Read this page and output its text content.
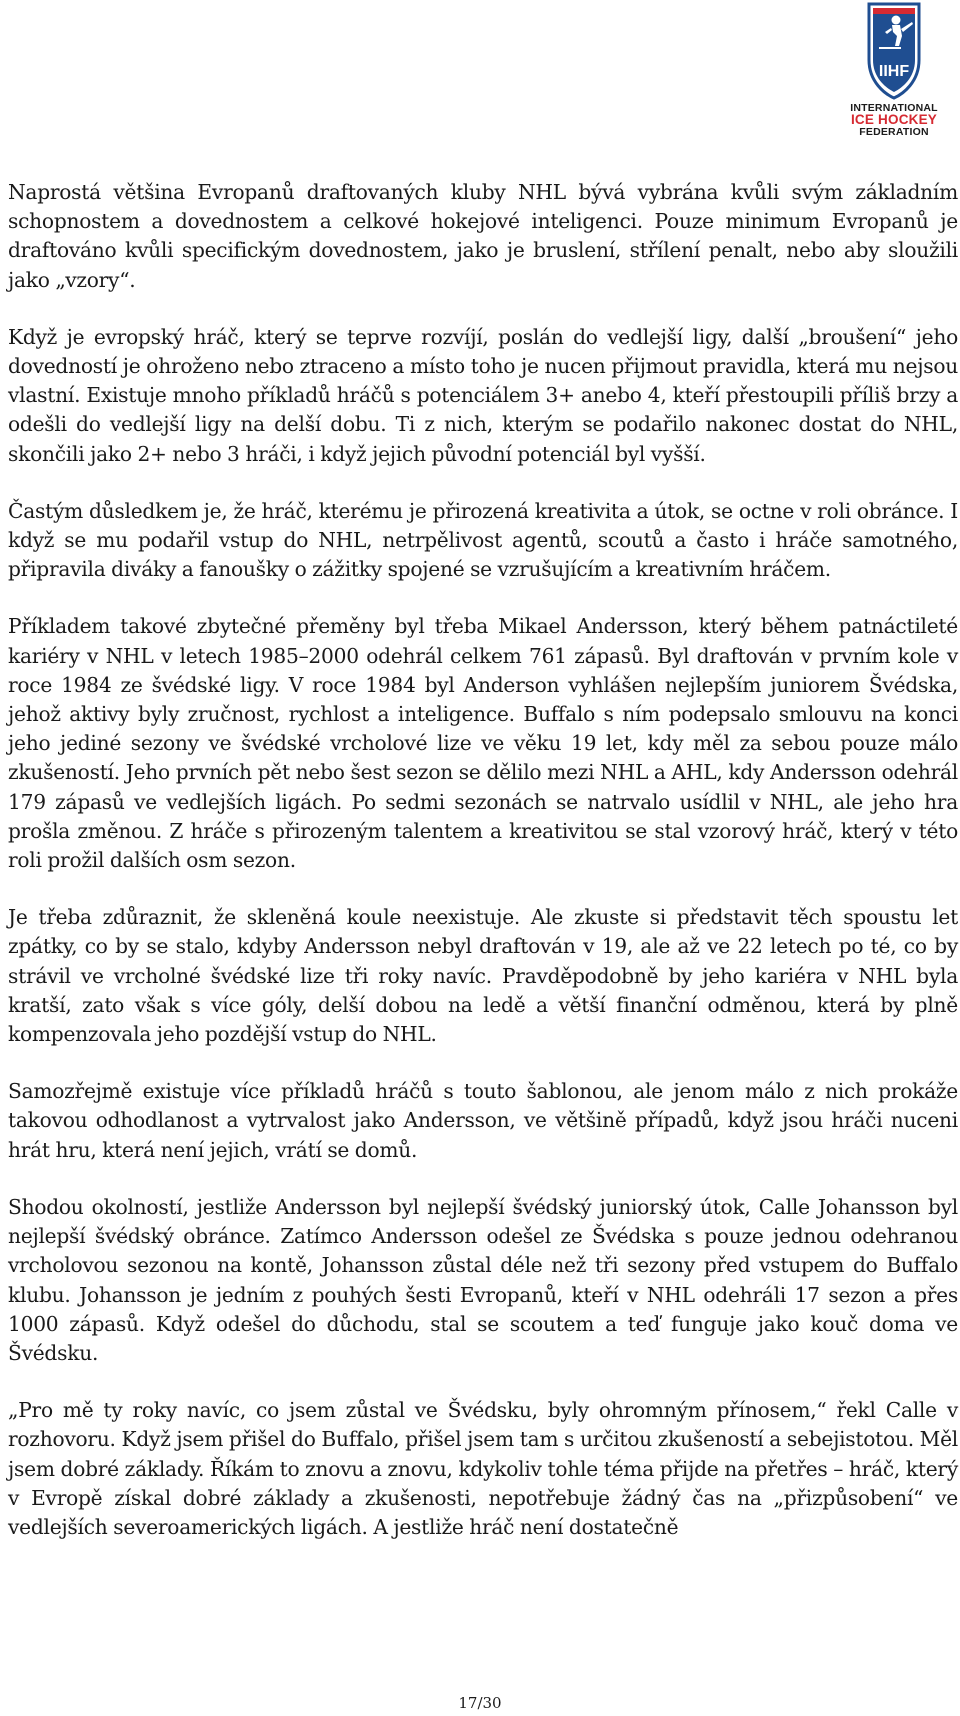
IIHF
INTERNATIONAL
ICE HOCKEY
FEDERATION

Naprostá většina Evropanů draftovaných kluby NHL bývá vybrána kvůli svým základním schopnostem a dovednostem a celkové hokejové inteligenci. Pouze minimum Evropanů je draftováno kvůli specifickým dovednostem, jako je bruslení, střílení penalt, nebo aby sloužili jako „vzory“.

Když je evropský hráč, který se teprve rozvíjí, poslán do vedlejší ligy, další „broušení“ jeho dovedností je ohroženo nebo ztraceno a místo toho je nucen přijmout pravidla, která mu nejsou vlastní. Existuje mnoho příkladů hráčů s potenciálem 3+ anebo 4, kteří přestoupili příliš brzy a odešli do vedlejší ligy na delší dobu. Ti z nich, kterým se podařilo nakonec dostat do NHL, skončili jako 2+ nebo 3 hráči, i když jejich původní potenciál byl vyšší.

Častým důsledkem je, že hráč, kterému je přirozená kreativita a útok, se octne v roli obránce. I když se mu podařil vstup do NHL, netrpělivost agentů, scoutů a často i hráče samotného, připravila diváky a fanoušky o zážitky spojené se vzrušujícím a kreativním hráčem.

Příkladem takové zbytečné přeměny byl třeba Mikael Andersson, který během patnáctileté kariéry v NHL v letech 1985–2000 odehrál celkem 761 zápasů. Byl draftován v prvním kole v roce 1984 ze švédské ligy. V roce 1984 byl Anderson vyhlášen nejlepším juniorem Švédska, jehož aktivy byly zručnost, rychlost a inteligence. Buffalo s ním podepsalo smlouvu na konci jeho jediné sezony ve švédské vrcholové lize ve věku 19 let, kdy měl za sebou pouze málo zkušeností. Jeho prvních pět nebo šest sezon se dělilo mezi NHL a AHL, kdy Andersson odehrál 179 zápasů ve vedlejších ligách. Po sedmi sezonách se natrvalo usídlil v NHL, ale jeho hra prošla změnou. Z hráče s přirozeným talentem a kreativitou se stal vzorový hráč, který v této roli prožil dalších osm sezon.

Je třeba zdůraznit, že skleněná koule neexistuje. Ale zkuste si představit těch spoustu let zpátky, co by se stalo, kdyby Andersson nebyl draftován v 19, ale až ve 22 letech po té, co by strávil ve vrcholné švédské lize tři roky navíc. Pravděpodobně by jeho kariéra v NHL byla kratší, zato však s více góly, delší dobou na ledě a větší finanční odměnou, která by plně kompenzovala jeho pozdější vstup do NHL.

Samozřejmě existuje více příkladů hráčů s touto šablonou, ale jenom málo z nich prokáže takovou odhodlanost a vytrvalost jako Andersson, ve většině případů, když jsou hráči nuceni hrát hru, která není jejich, vrátí se domů.

Shodou okolností, jestliže Andersson byl nejlepší švédský juniorský útok, Calle Johansson byl nejlepší švédský obránce. Zatímco Andersson odešel ze Švédska s pouze jednou odehranou vrcholovou sezonou na kontě, Johansson zůstal déle než tři sezony před vstupem do Buffalo klubu. Johansson je jedním z pouhých šesti Evropanů, kteří v NHL odehráli 17 sezon a přes 1000 zápasů. Když odešel do důchodu, stal se scoutem a teď funguje jako kouč doma ve Švédsku.

„Pro mě ty roky navíc, co jsem zůstal ve Švédsku, byly ohromným přínosem,“ řekl Calle v rozhovoru. Když jsem přišel do Buffalo, přišel jsem tam s určitou zkušeností a sebejistotou. Měl jsem dobré základy. Říkám to znovu a znovu, kdykoliv tohle téma přijde na přetřes – hráč, který v Evropě získal dobré základy a zkušenosti, nepotřebuje žádný čas na „přizpůsobení“ ve vedlejších severoamerických ligách. A jestliže hráč není dostatečně

17/30
